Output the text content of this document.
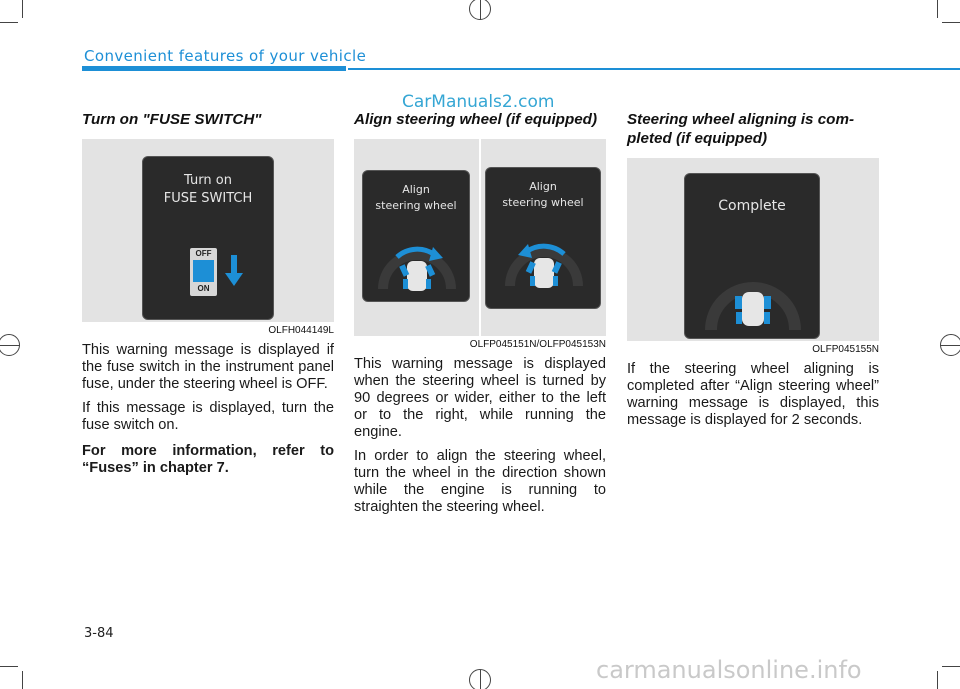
Convenient features of your vehicle
CarManuals2.com
Turn on "FUSE SWITCH"
Turn on
FUSE SWITCH
OFF
ON
OLFH044149L

This warning message is displayed if the fuse switch in the instrument panel fuse, under the steering wheel is OFF.

If this message is displayed, turn the fuse switch on.

For more information, refer to “Fuses” in chapter 7.

Align steering wheel (if equipped)
Align
steering wheel
Align
steering wheel
OLFP045151N/OLFP045153N

This warning message is displayed when the steering wheel is turned by 90 degrees or wider, either to the left or to the right, while running the engine.

In order to align the steering wheel, turn the wheel in the direction shown while the engine is running to straighten the steering wheel.

Steering wheel aligning is com-
pleted (if equipped)
Complete
OLFP045155N

If the steering wheel aligning is completed after “Align steering wheel” warning message is displayed, this message is displayed for 2 seconds.

3-84
carmanualsonline.info
